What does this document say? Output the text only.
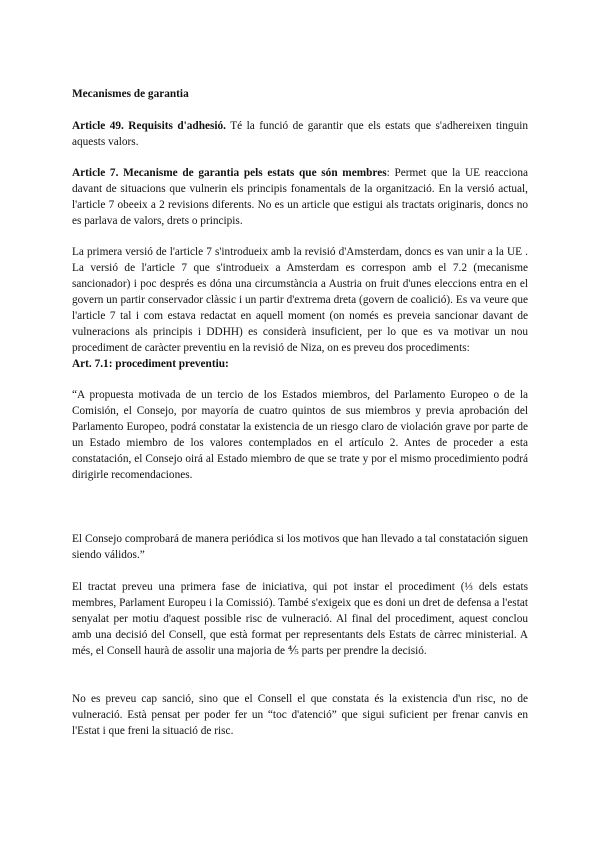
Mecanismes de garantia

Article 49. Requisits d'adhesió. Té la funció de garantir que els estats que s'adhereixen tinguin aquests valors.

Article 7. Mecanisme de garantia pels estats que són membres: Permet que la UE reacciona davant de situacions que vulnerin els principis fonamentals de la organització. En la versió actual, l'article 7 obeeix a 2 revisions diferents. No es un article que estigui als tractats originaris, doncs no es parlava de valors, drets o principis.

La primera versió de l'article 7 s'introdueix amb la revisió d'Amsterdam, doncs es van unir a la UE . La versió de l'article 7 que s'introdueix a Amsterdam es correspon amb el 7.2 (mecanisme sancionador) i poc després es dóna una circumstància a Austria on fruit d'unes eleccions entra en el govern un partir conservador clàssic i un partir d'extrema dreta (govern de coalició). Es va veure que l'article 7 tal i com estava redactat en aquell moment (on només es preveia sancionar davant de vulneracions als principis i DDHH) es considerà insuficient, per lo que es va motivar un nou procediment de caràcter preventiu en la revisió de Niza, on es preveu dos procediments:

Art. 7.1: procediment preventiu:

“A propuesta motivada de un tercio de los Estados miembros, del Parlamento Europeo o de la Comisión, el Consejo, por mayoría de cuatro quintos de sus miembros y previa aprobación del Parlamento Europeo, podrá constatar la existencia de un riesgo claro de violación grave por parte de un Estado miembro de los valores contemplados en el artículo 2. Antes de proceder a esta constatación, el Consejo oirá al Estado miembro de que se trate y por el mismo procedimiento podrá dirigirle recomendaciones.

El Consejo comprobará de manera periódica si los motivos que han llevado a tal constatación siguen siendo válidos.”

El tractat preveu una primera fase de iniciativa, qui pot instar el procediment (⅓ dels estats membres, Parlament Europeu i la Comissió). També s'exigeix que es doni un dret de defensa a l'estat senyalat per motiu d'aquest possible risc de vulneració. Al final del procediment, aquest conclou amb una decisió del Consell, que està format per representants dels Estats de càrrec ministerial. A més, el Consell haurà de assolir una majoria de ⅘ parts per prendre la decisió.

No es preveu cap sanció, sino que el Consell el que constata és la existencia d'un risc, no de vulneració. Està pensat per poder fer un “toc d'atenció” que sigui suficient per frenar canvis en l'Estat i que freni la situació de risc.
